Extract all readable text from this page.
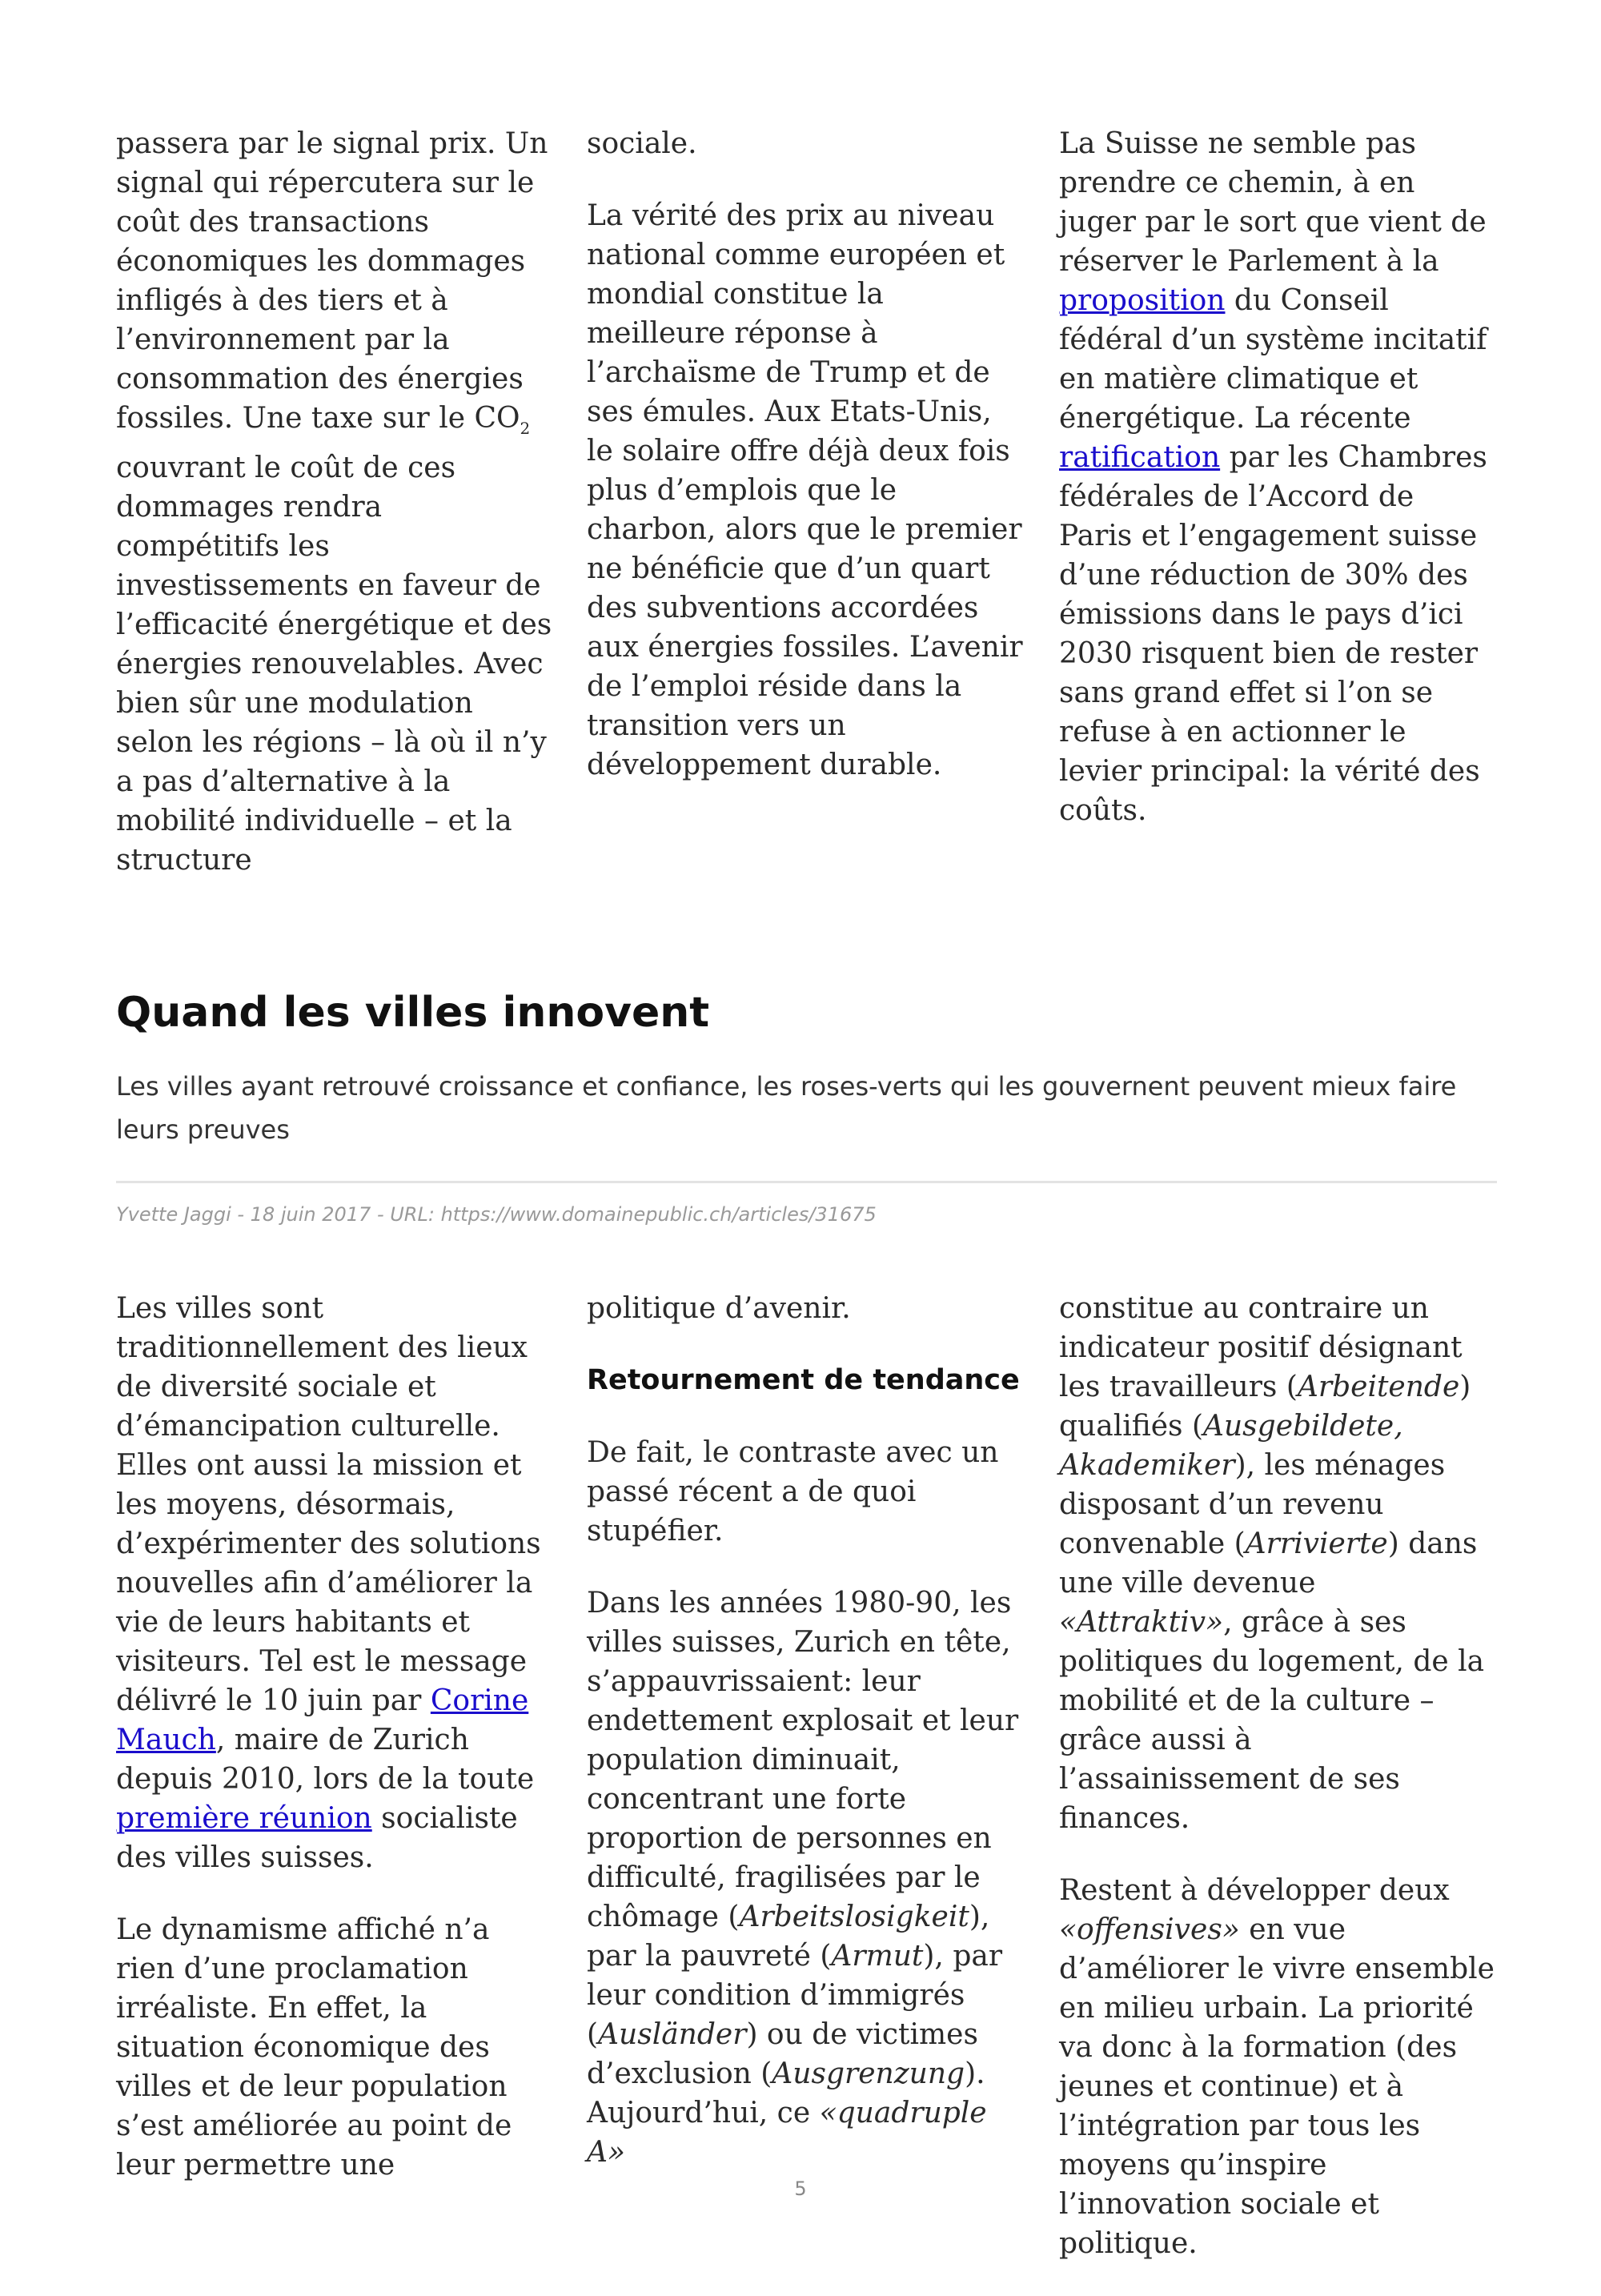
passera par le signal prix. Un signal qui répercutera sur le coût des transactions économiques les dommages infligés à des tiers et à l’environnement par la consommation des énergies fossiles. Une taxe sur le $CO_2$ couvrant le coût de ces dommages rendra compétitifs les investissements en faveur de l’efficacité énergétique et des énergies renouvelables. Avec bien sûr une modulation selon les régions – là où il n’y a pas d’alternative à la mobilité individuelle – et la structure

sociale.

La vérité des prix au niveau national comme européen et mondial constitue la meilleure réponse à l’archaïsme de Trump et de ses émules. Aux Etats-Unis, le solaire offre déjà deux fois plus d’emplois que le charbon, alors que le premier ne bénéficie que d’un quart des subventions accordées aux énergies fossiles. L’avenir de l’emploi réside dans la transition vers un développement durable.

La Suisse ne semble pas prendre ce chemin, à en juger par le sort que vient de réserver le Parlement à la proposition du Conseil fédéral d’un système incitatif en matière climatique et énergétique. La récente ratification par les Chambres fédérales de l’Accord de Paris et l’engagement suisse d’une réduction de 30% des émissions dans le pays d’ici 2030 risquent bien de rester sans grand effet si l’on se refuse à en actionner le levier principal: la vérité des coûts.

Quand les villes innovent

Les villes ayant retrouvé croissance et confiance, les roses-verts qui les gouvernent peuvent mieux faire leurs preuves

Yvette Jaggi - 18 juin 2017 - URL: https://www.domainepublic.ch/articles/31675

Les villes sont traditionnellement des lieux de diversité sociale et d’émancipation culturelle. Elles ont aussi la mission et les moyens, désormais, d’expérimenter des solutions nouvelles afin d’améliorer la vie de leurs habitants et visiteurs. Tel est le message délivré le 10 juin par Corine Mauch, maire de Zurich depuis 2010, lors de la toute première réunion socialiste des villes suisses.

Le dynamisme affiché n’a rien d’une proclamation irréaliste. En effet, la situation économique des villes et de leur population s’est améliorée au point de leur permettre une

politique d’avenir.

Retournement de tendance

De fait, le contraste avec un passé récent a de quoi stupéfier.

Dans les années 1980-90, les villes suisses, Zurich en tête, s’appauvrissaient: leur endettement explosait et leur population diminuait, concentrant une forte proportion de personnes en difficulté, fragilisées par le chômage (Arbeitslosigkeit), par la pauvreté (Armut), par leur condition d’immigrés (Ausländer) ou de victimes d’exclusion (Ausgrenzung). Aujourd’hui, ce «quadruple A»

constitue au contraire un indicateur positif désignant les travailleurs (Arbeitende) qualifiés (Ausgebildete, Akademiker), les ménages disposant d’un revenu convenable (Arrivierte) dans une ville devenue «Attraktiv», grâce à ses politiques du logement, de la mobilité et de la culture – grâce aussi à l’assainissement de ses finances.

Restent à développer deux «offensives» en vue d’améliorer le vivre ensemble en milieu urbain. La priorité va donc à la formation (des jeunes et continue) et à l’intégration par tous les moyens qu’inspire l’innovation sociale et politique.

5
